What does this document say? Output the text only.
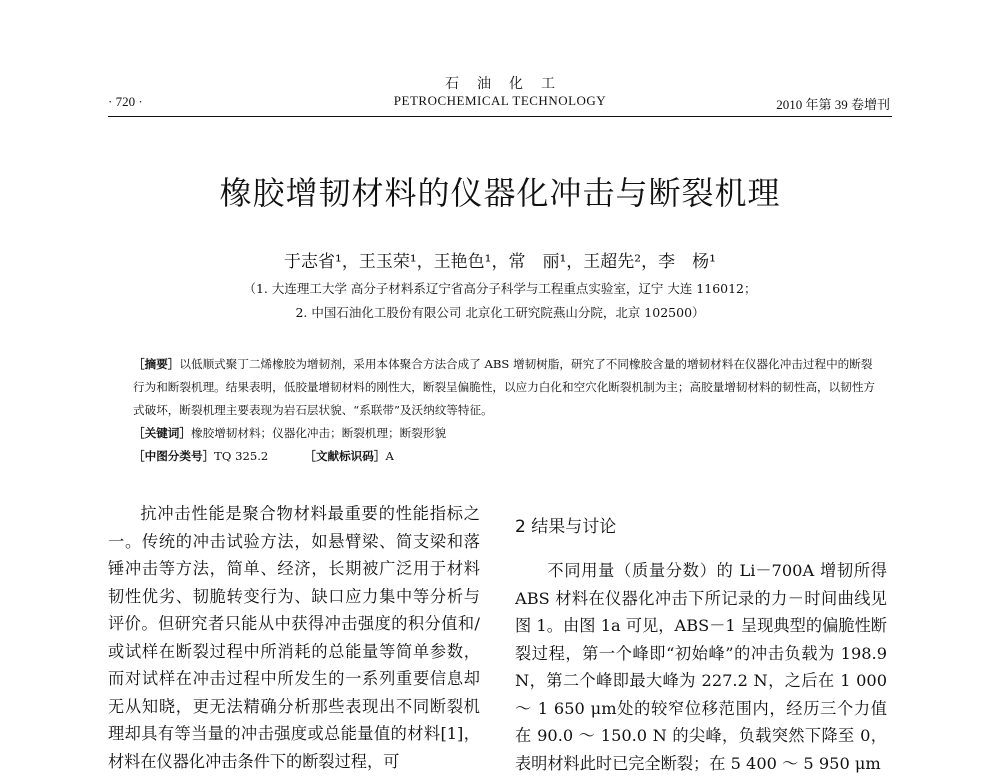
石油化工
· 720 ·	PETROCHEMICAL TECHNOLOGY	2010 年第 39 卷增刊
橡胶增韧材料的仪器化冲击与断裂机理
于志省¹，王玉荣¹，王艳色¹，常　丽¹，王超先²，李　杨¹
（1. 大连理工大学 高分子材料系辽宁省高分子科学与工程重点实验室，辽宁 大连 116012；
2. 中国石油化工股份有限公司 北京化工研究院燕山分院，北京 102500）
［摘要］以低顺式聚丁二烯橡胶为增韧剂，采用本体聚合方法合成了 ABS 增韧树脂，研究了不同橡胶含量的增韧材料在仪器化冲击过程中的断裂行为和断裂机理。结果表明，低胶量增韧材料的刚性大，断裂呈偏脆性，以应力白化和空穴化断裂机制为主；高胶量增韧材料的韧性高，以韧性方式破坏，断裂机理主要表现为岩石层状貌、“系联带”及沃纳纹等特征。
［关键词］橡胶增韧材料；仪器化冲击；断裂机理；断裂形貌
［中图分类号］TQ 325.2	［文献标识码］A
抗冲击性能是聚合物材料最重要的性能指标之一。传统的冲击试验方法，如悬臂梁、简支梁和落锤冲击等方法，简单、经济，长期被广泛用于材料韧性优劣、韧脆转变行为、缺口应力集中等分析与评价。但研究者只能从中获得冲击强度的积分值和/或试样在断裂过程中所消耗的总能量等简单参数，而对试样在冲击过程中所发生的一系列重要信息却无从知晓，更无法精确分析那些表现出不同断裂机理却具有等当量的冲击强度或总能量值的材料[1]，材料在仪器化冲击条件下的断裂过程，可
2 结果与讨论
不同用量（质量分数）的 Li－700A 增韧所得 ABS 材料在仪器化冲击下所记录的力－时间曲线见图 1。由图 1a 可见，ABS－1 呈现典型的偏脆性断裂过程，第一个峰即“初始峰”的冲击负载为 198.9 N，第二个峰即最大峰为 227.2 N，之后在 1 000 ～ 1 650 μm处的较窄位移范围内，经历三个力值在 90.0 ～ 150.0 N 的尖峰，负载突然下降至 0，表明材料此时已完全断裂；在 5 400 ～ 5 950 μm
